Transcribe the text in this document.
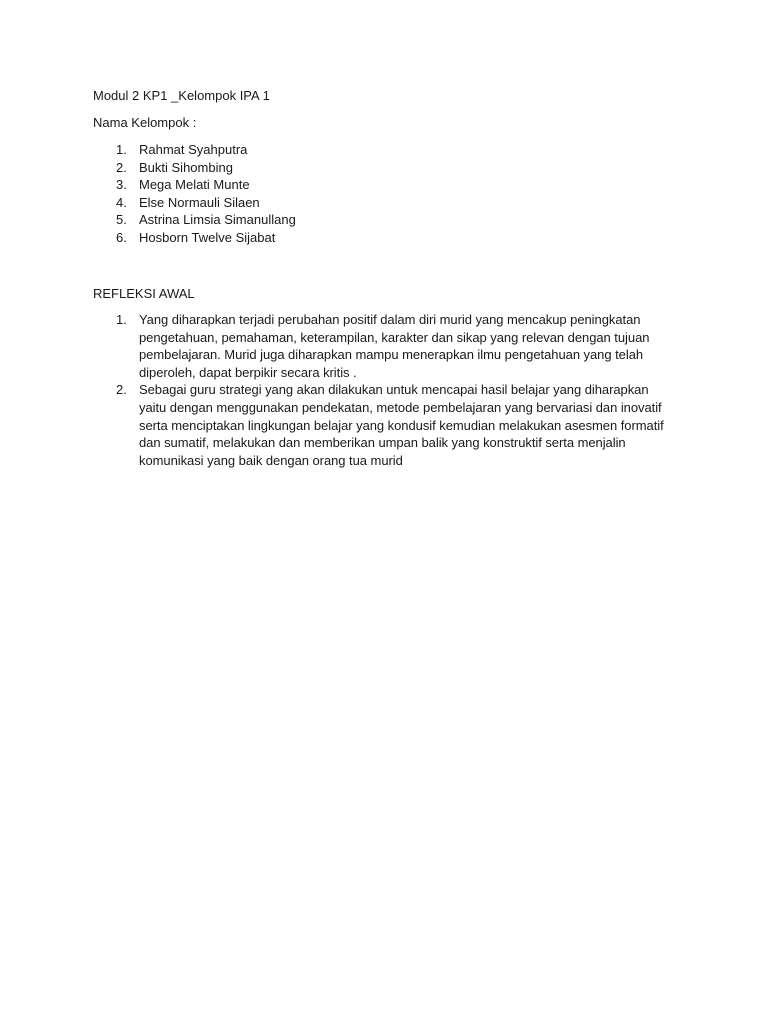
Modul 2 KP1 _Kelompok IPA 1

Nama Kelompok :

1. Rahmat Syahputra
2. Bukti Sihombing
3. Mega Melati Munte
4. Else Normauli Silaen
5. Astrina Limsia Simanullang
6. Hosborn Twelve Sijabat

REFLEKSI AWAL

1. Yang diharapkan terjadi perubahan positif dalam diri murid yang mencakup peningkatan pengetahuan, pemahaman, keterampilan, karakter dan sikap yang relevan dengan tujuan pembelajaran. Murid juga diharapkan mampu menerapkan ilmu pengetahuan yang telah diperoleh, dapat berpikir secara kritis .
2. Sebagai guru strategi yang akan dilakukan untuk mencapai hasil belajar yang diharapkan yaitu dengan menggunakan pendekatan, metode pembelajaran yang bervariasi dan inovatif serta menciptakan lingkungan belajar yang kondusif kemudian melakukan asesmen formatif dan sumatif, melakukan dan memberikan umpan balik yang konstruktif serta menjalin komunikasi yang baik dengan orang tua murid
